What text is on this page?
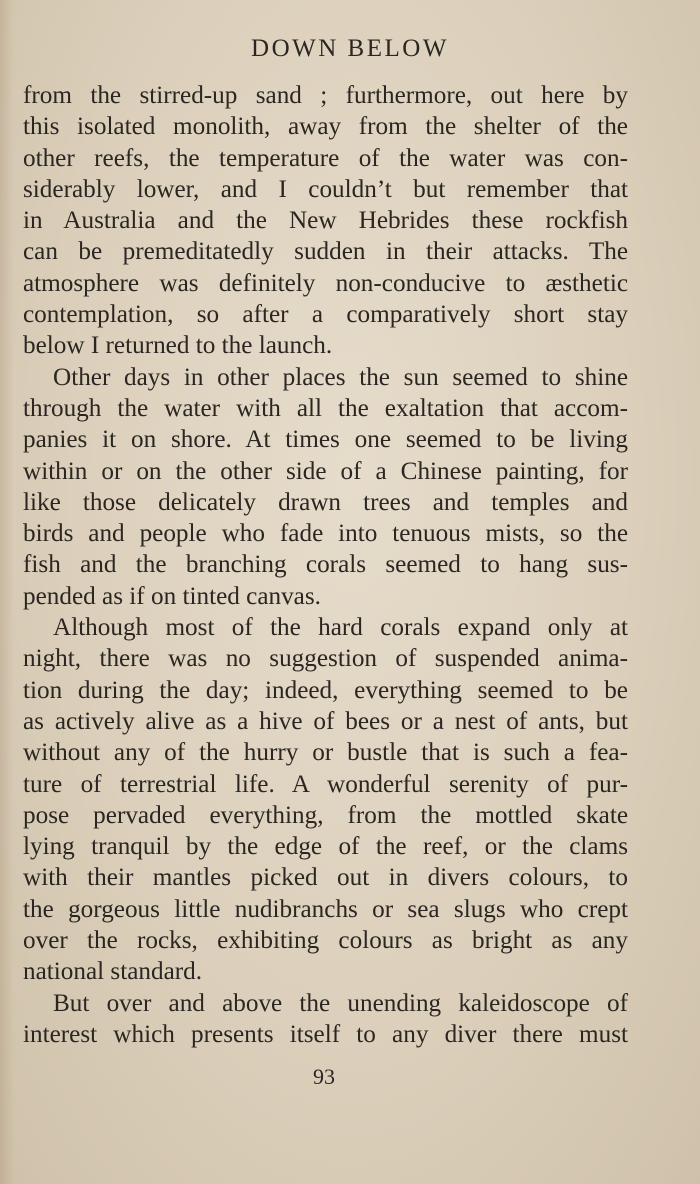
DOWN BELOW
from the stirred-up sand ; furthermore, out here by
this isolated monolith, away from the shelter of the
other reefs, the temperature of the water was con-
siderably lower, and I couldn’t but remember that
in Australia and the New Hebrides these rockfish
can be premeditatedly sudden in their attacks. The
atmosphere was definitely non-conducive to æsthetic
contemplation, so after a comparatively short stay
below I returned to the launch.
Other days in other places the sun seemed to shine
through the water with all the exaltation that accom-
panies it on shore. At times one seemed to be living
within or on the other side of a Chinese painting, for
like those delicately drawn trees and temples and
birds and people who fade into tenuous mists, so the
fish and the branching corals seemed to hang sus-
pended as if on tinted canvas.
Although most of the hard corals expand only at
night, there was no suggestion of suspended anima-
tion during the day; indeed, everything seemed to be
as actively alive as a hive of bees or a nest of ants, but
without any of the hurry or bustle that is such a fea-
ture of terrestrial life. A wonderful serenity of pur-
pose pervaded everything, from the mottled skate
lying tranquil by the edge of the reef, or the clams
with their mantles picked out in divers colours, to
the gorgeous little nudibranchs or sea slugs who crept
over the rocks, exhibiting colours as bright as any
national standard.
But over and above the unending kaleidoscope of
interest which presents itself to any diver there must
93
